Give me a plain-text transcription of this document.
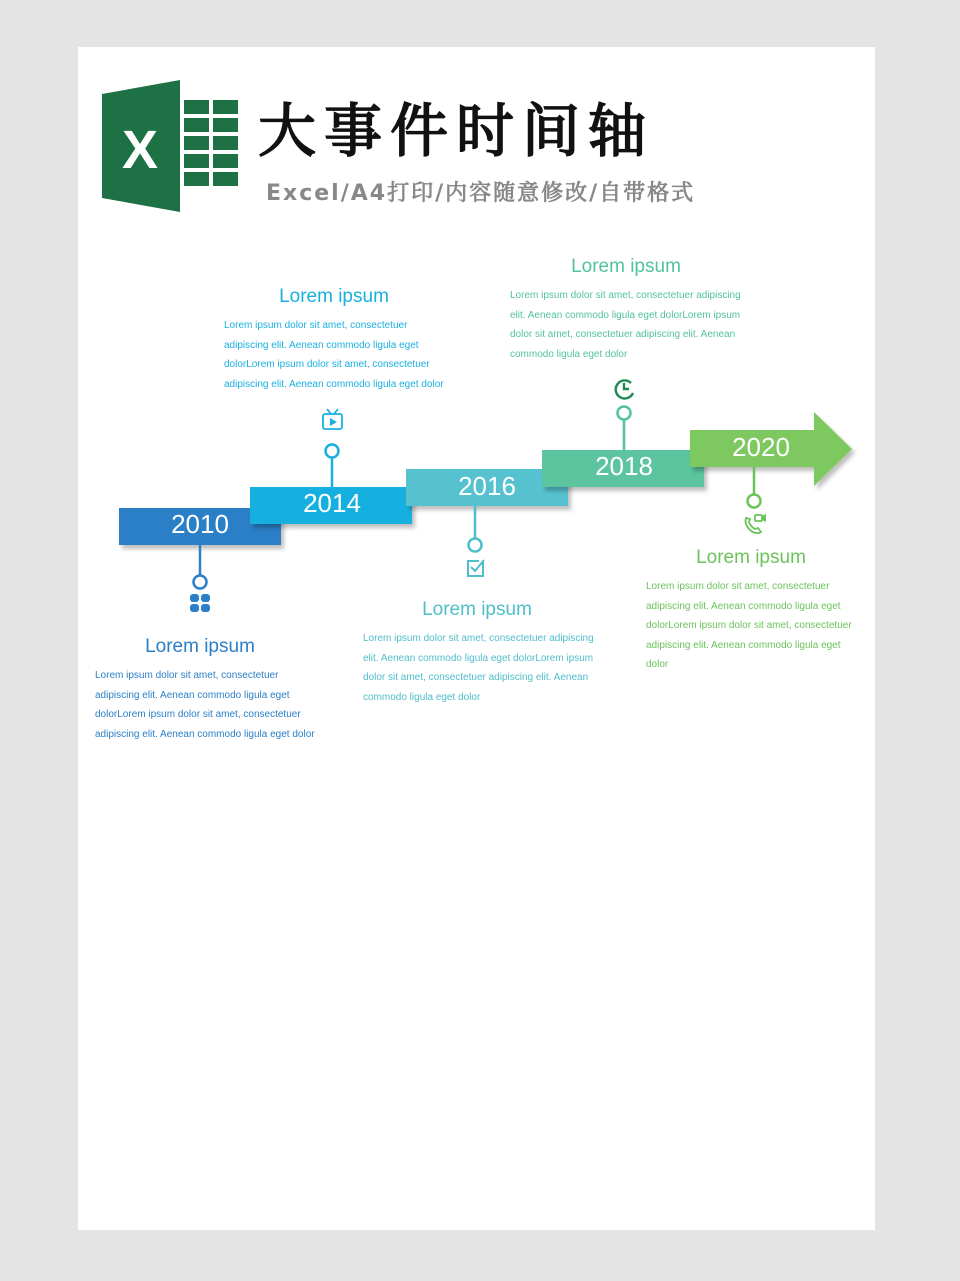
X 大事件时间轴
Excel/A4打印/内容随意修改/自带格式
2010
2014
2016
2018
2020
Lorem ipsum

Lorem ipsum dolor sit amet, consectetuer adipiscing elit. Aenean commodo ligula eget dolorLorem ipsum dolor sit amet, consectetuer adipiscing elit. Aenean commodo ligula eget dolor

Lorem ipsum

Lorem ipsum dolor sit amet, consectetuer adipiscing elit. Aenean commodo ligula eget dolorLorem ipsum dolor sit amet, consectetuer adipiscing elit. Aenean commodo ligula eget dolor

Lorem ipsum

Lorem ipsum dolor sit amet, consectetuer adipiscing elit. Aenean commodo ligula eget dolorLorem ipsum dolor sit amet, consectetuer adipiscing elit. Aenean commodo ligula eget dolor

Lorem ipsum

Lorem ipsum dolor sit amet, consectetuer adipiscing elit. Aenean commodo ligula eget dolorLorem ipsum dolor sit amet, consectetuer adipiscing elit. Aenean commodo ligula eget dolor

Lorem ipsum

Lorem ipsum dolor sit amet, consectetuer adipiscing elit. Aenean commodo ligula eget dolorLorem ipsum dolor sit amet, consectetuer adipiscing elit. Aenean commodo ligula eget dolor
